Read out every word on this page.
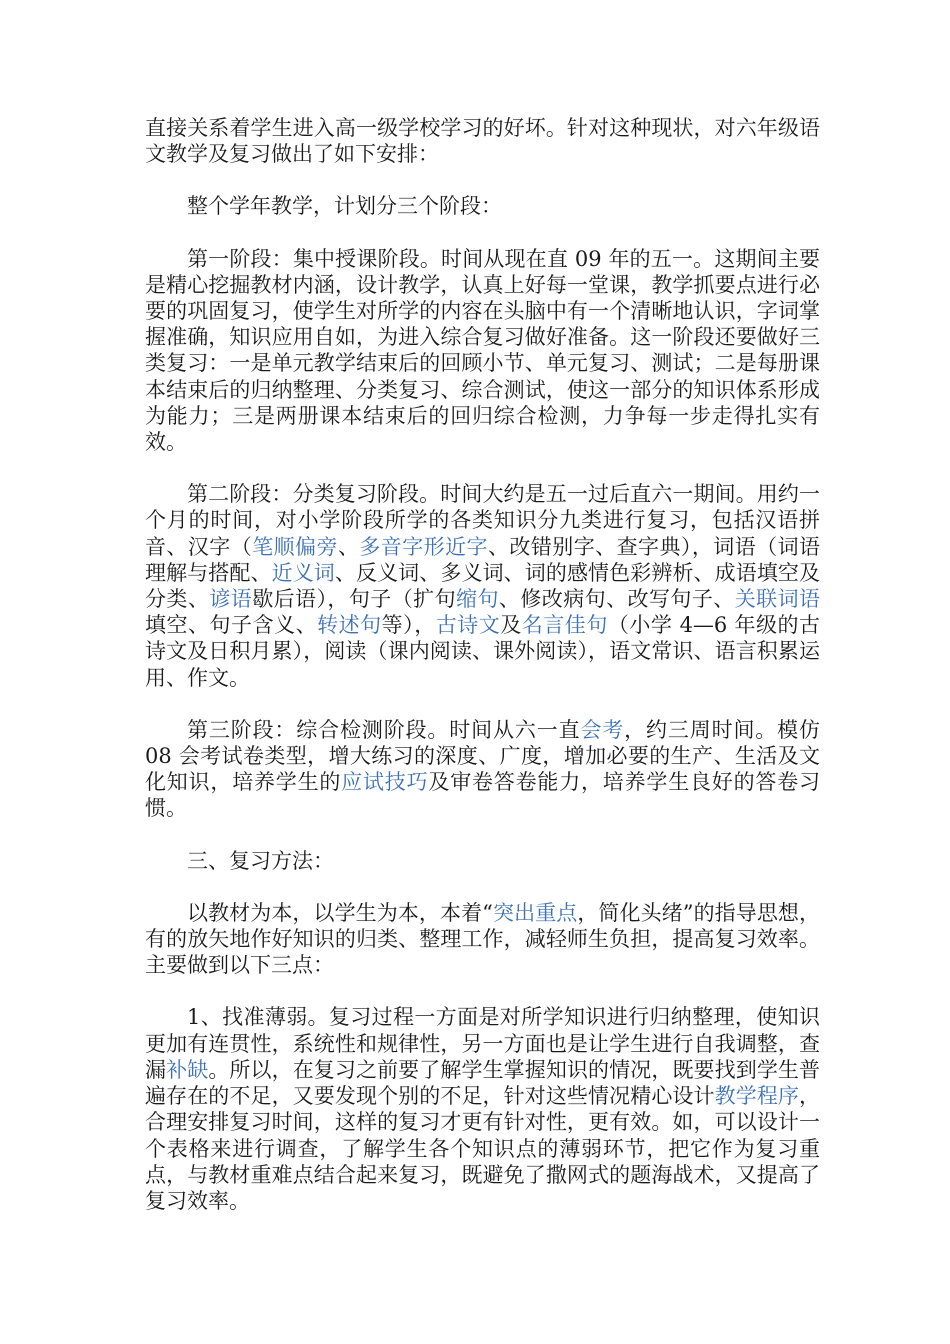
直接关系着学生进入高一级学校学习的好坏。针对这种现状，对六年级语文教学及复习做出了如下安排：

整个学年教学，计划分三个阶段：

第一阶段：集中授课阶段。时间从现在直 09 年的五一。这期间主要是精心挖掘教材内涵，设计教学，认真上好每一堂课，教学抓要点进行必要的巩固复习，使学生对所学的内容在头脑中有一个清晰地认识，字词掌握准确，知识应用自如，为进入综合复习做好准备。这一阶段还要做好三类复习：一是单元教学结束后的回顾小节、单元复习、测试；二是每册课本结束后的归纳整理、分类复习、综合测试，使这一部分的知识体系形成为能力；三是两册课本结束后的回归综合检测，力争每一步走得扎实有效。

第二阶段：分类复习阶段。时间大约是五一过后直六一期间。用约一个月的时间，对小学阶段所学的各类知识分九类进行复习，包括汉语拼音、汉字（笔顺偏旁、多音字形近字、改错别字、查字典），词语（词语理解与搭配、近义词、反义词、多义词、词的感情色彩辨析、成语填空及分类、谚语歇后语），句子（扩句缩句、修改病句、改写句子、关联词语填空、句子含义、转述句等），古诗文及名言佳句（小学 4—6 年级的古诗文及日积月累），阅读（课内阅读、课外阅读），语文常识、语言积累运用、作文。

第三阶段：综合检测阶段。时间从六一直会考，约三周时间。模仿 08 会考试卷类型，增大练习的深度、广度，增加必要的生产、生活及文化知识，培养学生的应试技巧及审卷答卷能力，培养学生良好的答卷习惯。

三、复习方法：

以教材为本，以学生为本，本着“突出重点，简化头绪”的指导思想，有的放矢地作好知识的归类、整理工作，减轻师生负担，提高复习效率。主要做到以下三点：

1、找准薄弱。复习过程一方面是对所学知识进行归纳整理，使知识更加有连贯性，系统性和规律性，另一方面也是让学生进行自我调整，查漏补缺。所以，在复习之前要了解学生掌握知识的情况，既要找到学生普遍存在的不足，又要发现个别的不足，针对这些情况精心设计教学程序，合理安排复习时间，这样的复习才更有针对性，更有效。如，可以设计一个表格来进行调查，了解学生各个知识点的薄弱环节，把它作为复习重点，与教材重难点结合起来复习，既避免了撒网式的题海战术，又提高了复习效率。
